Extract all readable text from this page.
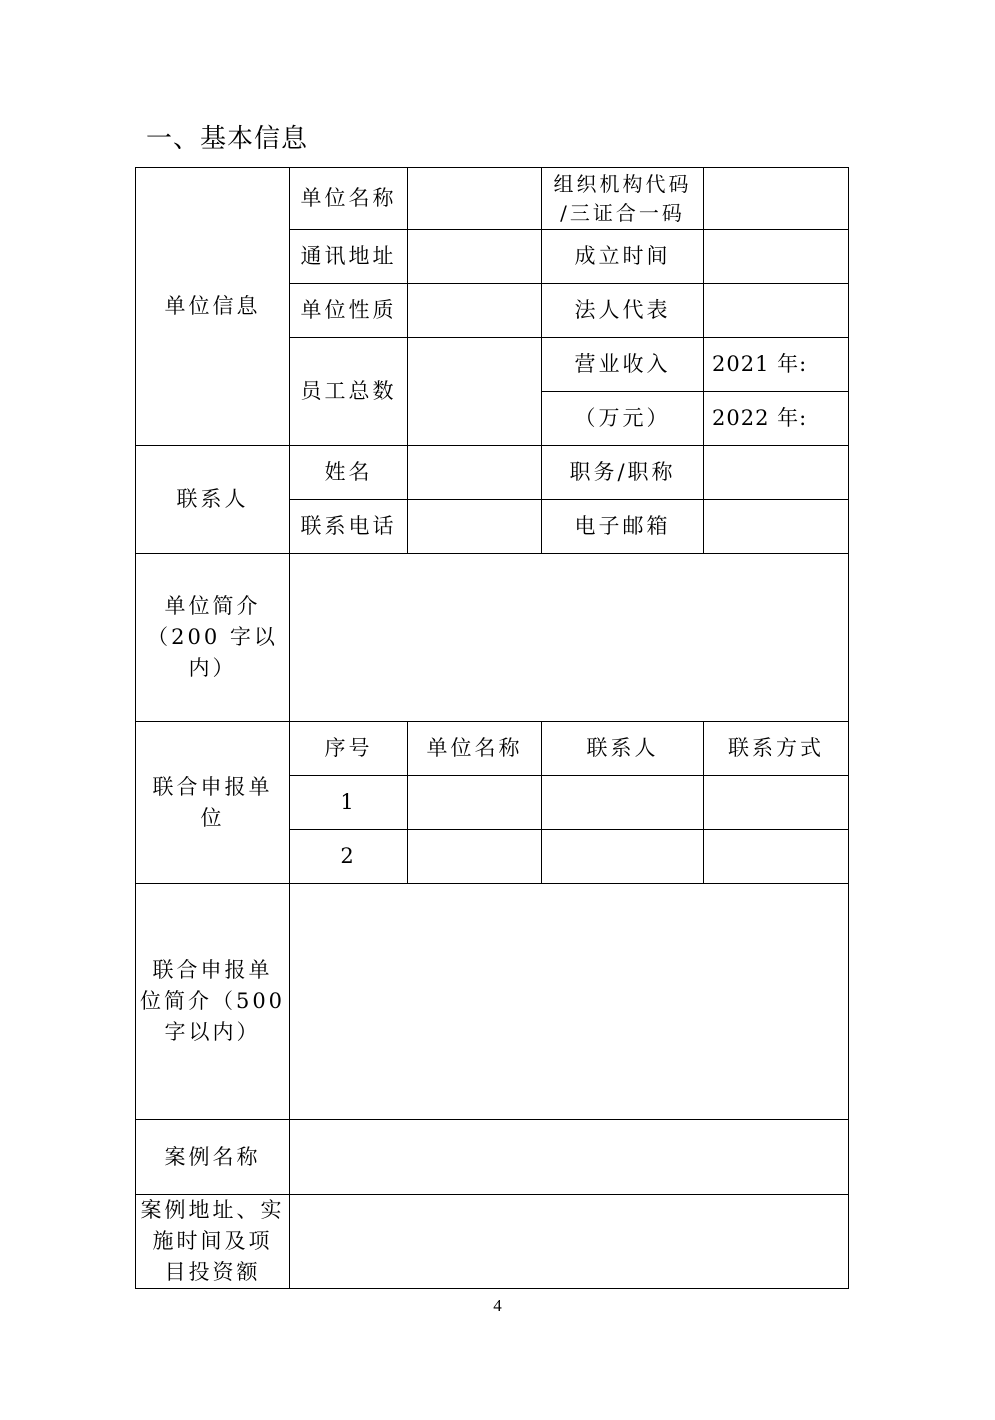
一、基本信息
单位信息	单位名称		组织机构代码
/三证合一码	

	通讯地址		成立时间	
	单位性质		法人代表	
	员工总数		营业收入	2021 年:
			（万元）	2022 年:
联系人	姓名		职务/职称	
	联系电话		电子邮箱	

单位简介
（200 字以
内）				

联合申报单
位	序号	单位名称	联系人	联系方式
	1			
	2			

联合申报单
位简介（500
字以内）				

案例名称				

案例地址、实
施时间及项
目投资额				

4
